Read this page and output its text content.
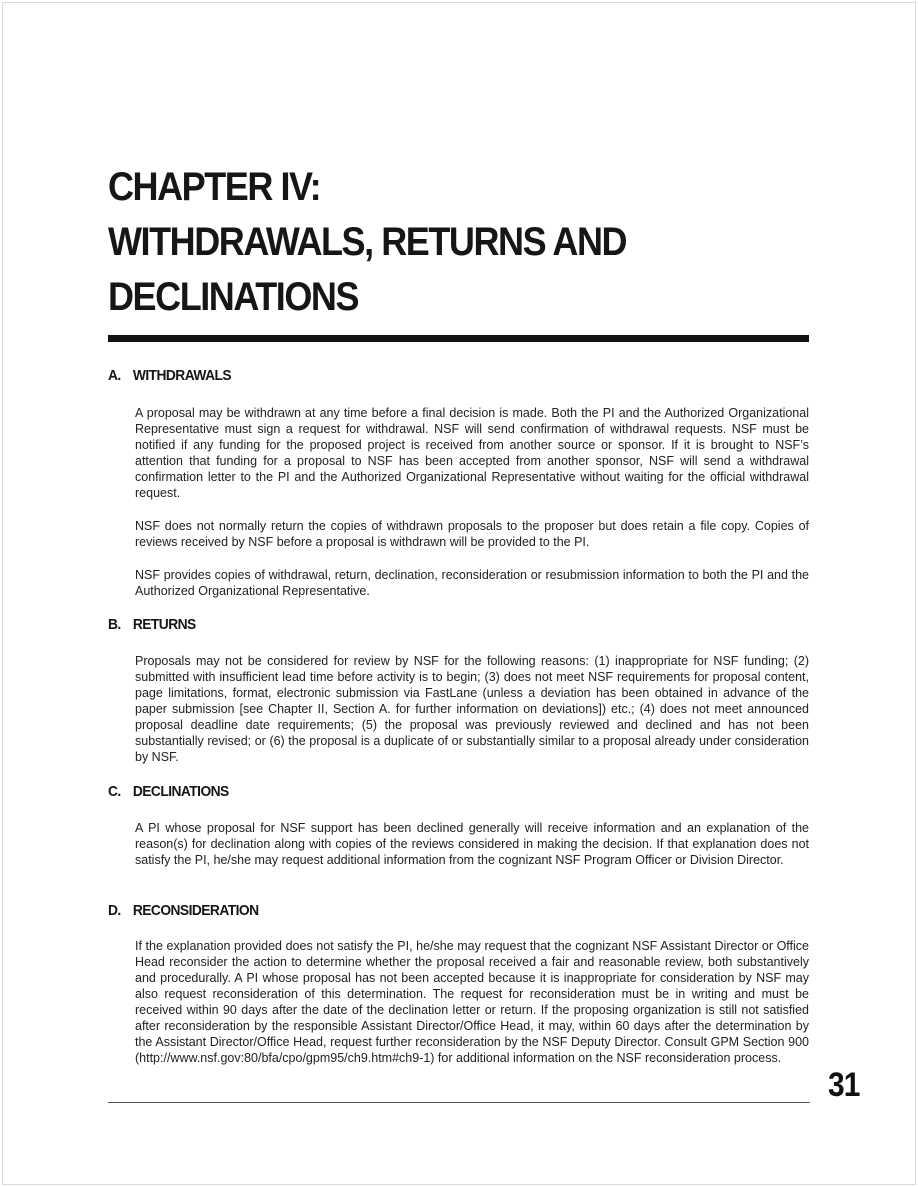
CHAPTER IV:
WITHDRAWALS, RETURNS AND
DECLINATIONS
A. WITHDRAWALS

A proposal may be withdrawn at any time before a final decision is made. Both the PI and the Authorized Organizational Representative must sign a request for withdrawal. NSF will send confirmation of withdrawal requests. NSF must be notified if any funding for the proposed project is received from another source or sponsor. If it is brought to NSF’s attention that funding for a proposal to NSF has been accepted from another sponsor, NSF will send a withdrawal confirmation letter to the PI and the Authorized Organizational Representative without waiting for the official withdrawal request.

NSF does not normally return the copies of withdrawn proposals to the proposer but does retain a file copy. Copies of reviews received by NSF before a proposal is withdrawn will be provided to the PI.

NSF provides copies of withdrawal, return, declination, reconsideration or resubmission information to both the PI and the Authorized Organizational Representative.

B. RETURNS

Proposals may not be considered for review by NSF for the following reasons: (1) inappropriate for NSF funding; (2) submitted with insufficient lead time before activity is to begin; (3) does not meet NSF requirements for proposal content, page limitations, format, electronic submission via FastLane (unless a deviation has been obtained in advance of the paper submission [see Chapter II, Section A. for further information on deviations]) etc.; (4) does not meet announced proposal deadline date requirements; (5) the proposal was previously reviewed and declined and has not been substantially revised; or (6) the proposal is a duplicate of or substantially similar to a proposal already under consideration by NSF.

C. DECLINATIONS

A PI whose proposal for NSF support has been declined generally will receive information and an explanation of the reason(s) for declination along with copies of the reviews considered in making the decision. If that explanation does not satisfy the PI, he/she may request additional information from the cognizant NSF Program Officer or Division Director.

D. RECONSIDERATION

If the explanation provided does not satisfy the PI, he/she may request that the cognizant NSF Assistant Director or Office Head reconsider the action to determine whether the proposal received a fair and reasonable review, both substantively and procedurally. A PI whose proposal has not been accepted because it is inappropriate for consideration by NSF may also request reconsideration of this determination. The request for reconsideration must be in writing and must be received within 90 days after the date of the declination letter or return. If the proposing organization is still not satisfied after reconsideration by the responsible Assistant Director/Office Head, it may, within 60 days after the determination by the Assistant Director/Office Head, request further reconsideration by the NSF Deputy Director. Consult GPM Section 900 (http://www.nsf.gov:80/bfa/cpo/gpm95/ch9.htm#ch9-1) for additional information on the NSF reconsideration process.

31
